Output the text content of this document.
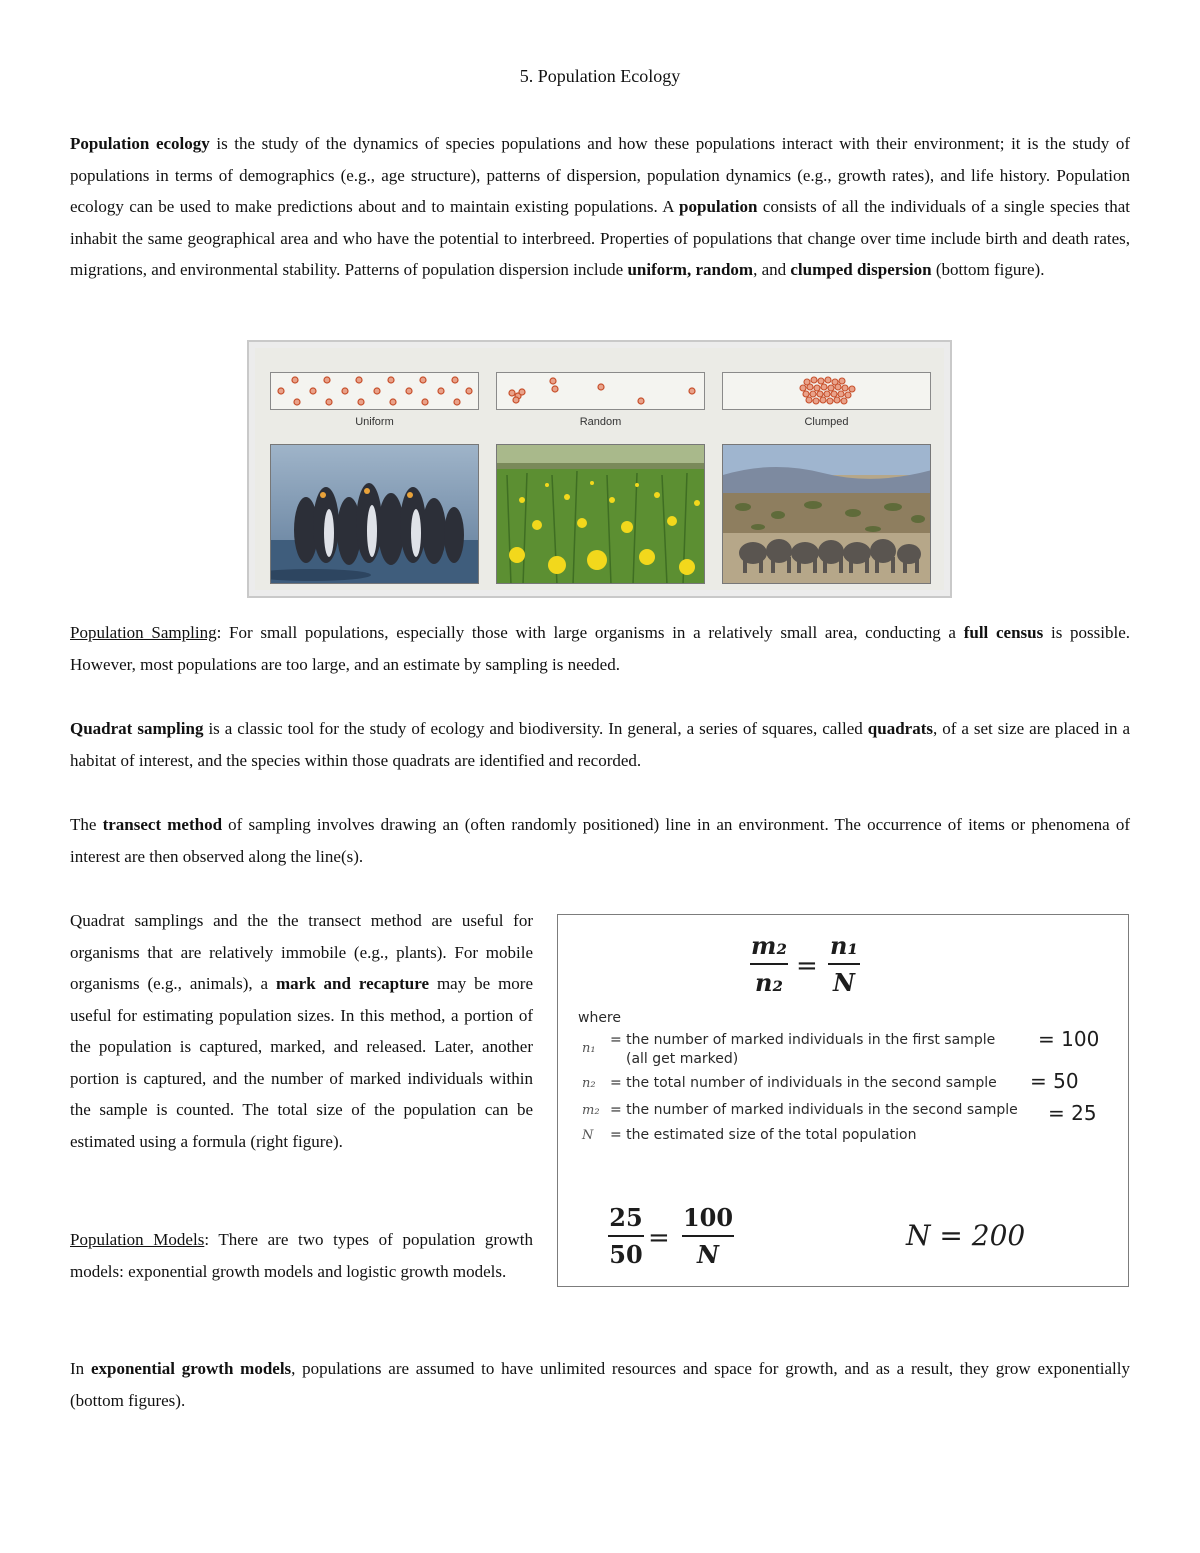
5. Population Ecology

Population ecology is the study of the dynamics of species populations and how these populations interact with their environment; it is the study of populations in terms of demographics (e.g., age structure), patterns of dispersion, population dynamics (e.g., growth rates), and life history. Population ecology can be used to make predictions about and to maintain existing populations. A population consists of all the individuals of a single species that inhabit the same geographical area and who have the potential to interbreed. Properties of populations that change over time include birth and death rates, migrations, and environmental stability. Patterns of population dispersion include uniform, random, and clumped dispersion (bottom figure).

Uniform	Random	Clumped

Population Sampling: For small populations, especially those with large organisms in a relatively small area, conducting a full census is possible. However, most populations are too large, and an estimate by sampling is needed.

Quadrat sampling is a classic tool for the study of ecology and biodiversity. In general, a series of squares, called quadrats, of a set size are placed in a habitat of interest, and the species within those quadrats are identified and recorded.

The transect method of sampling involves drawing an (often randomly positioned) line in an environment. The occurrence of items or phenomena of interest are then observed along the line(s).

Quadrat samplings and the the transect method are useful for organisms that are relatively immobile (e.g., plants). For mobile organisms (e.g., animals), a mark and recapture may be more useful for estimating population sizes. In this method, a portion of the population is captured, marked, and released. Later, another portion is captured, and the number of marked individuals within the sample is counted. The total size of the population can be estimated using a formula (right figure).

Population Models: There are two types of population growth models: exponential growth models and logistic growth models.

m₂
n₂
=
n₁
N
where
n₁
= the number of marked individuals in the first sample
(all get marked)
= 100
n₂ = the total number of individuals in the second sample = 50
m₂ = the number of marked individuals in the second sample = 25
N = the estimated size of the total population
25
50
=
100
N
N = 200

In exponential growth models, populations are assumed to have unlimited resources and space for growth, and as a result, they grow exponentially (bottom figures).
